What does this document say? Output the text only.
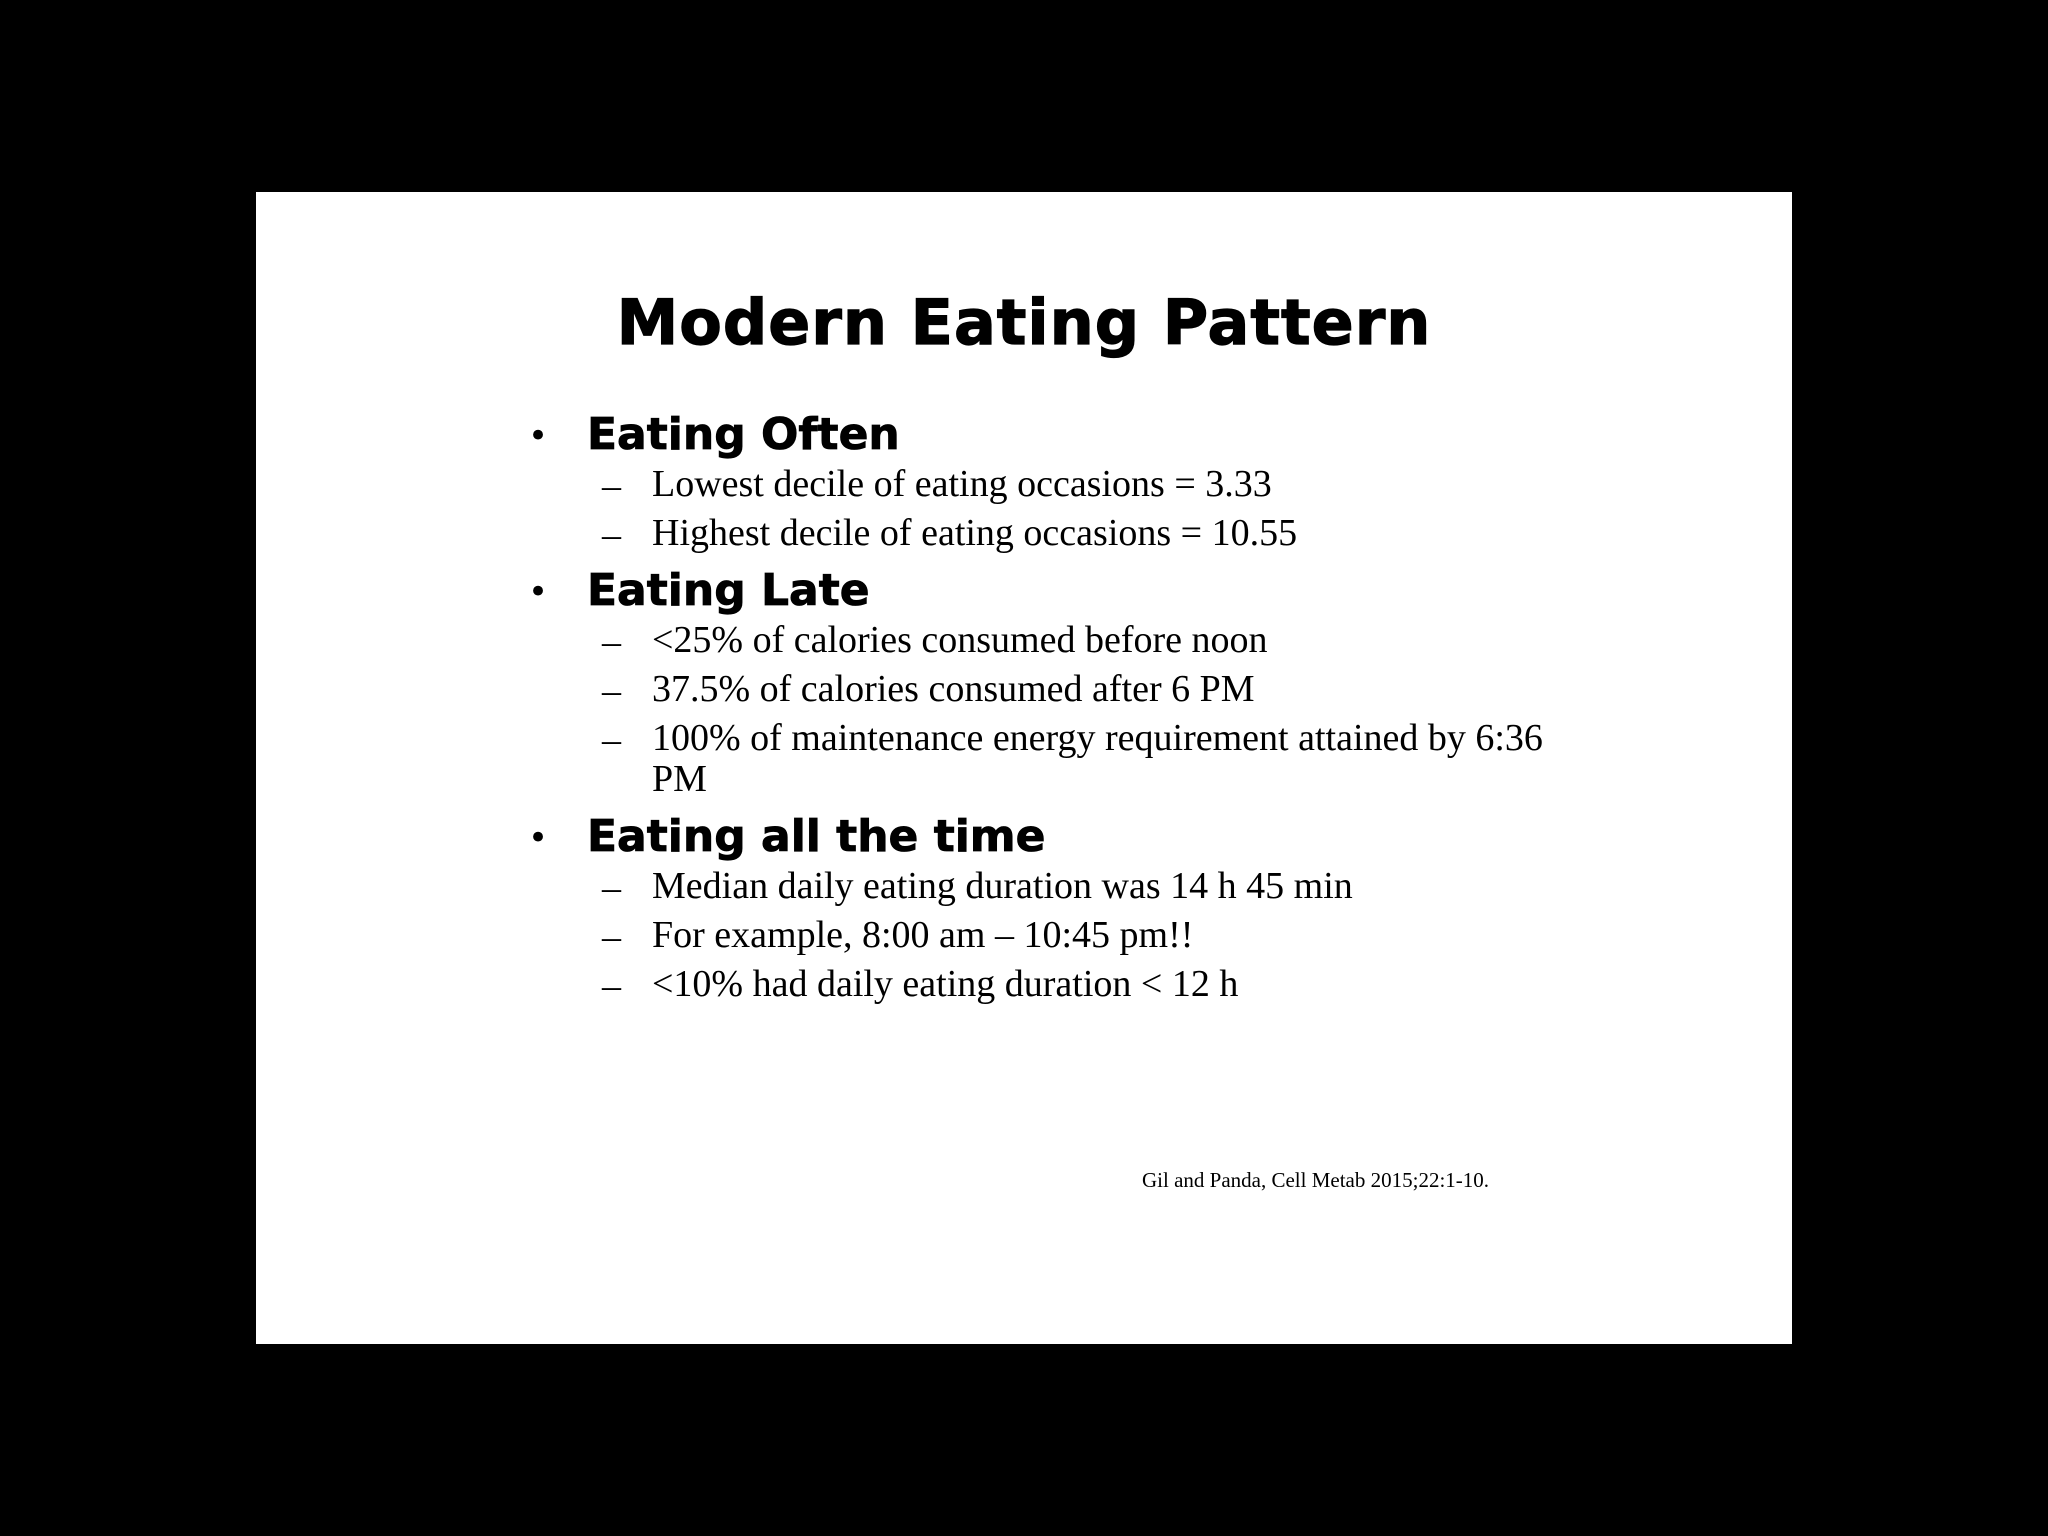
Modern Eating Pattern
• Eating Often
– Lowest decile of eating occasions = 3.33
– Highest decile of eating occasions = 10.55
• Eating Late
– <25% of calories consumed before noon
– 37.5% of calories consumed after 6 PM
– 100% of maintenance energy requirement attained by 6:36 PM
• Eating all the time
– Median daily eating duration was 14 h 45 min
– For example, 8:00 am – 10:45 pm!!
– <10% had daily eating duration < 12 h
Gil and Panda, Cell Metab 2015;22:1-10.
